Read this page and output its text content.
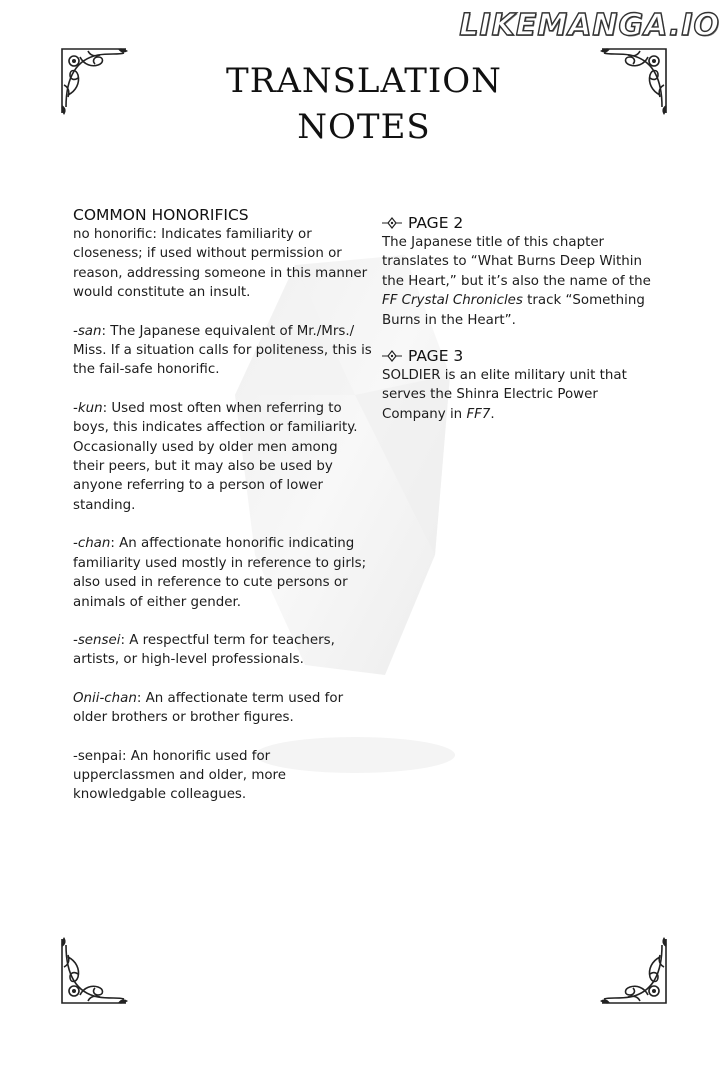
LIKEMANGA.IO
TRANSLATION
NOTES
COMMON HONORIFICS

no honorific: Indicates familiarity or closeness; if used without permission or reason, addressing someone in this manner would constitute an insult.

-san: The Japanese equivalent of Mr./Mrs./ Miss. If a situation calls for politeness, this is the fail-safe honorific.

-kun: Used most often when referring to boys, this indicates affection or familiarity. Occasionally used by older men among their peers, but it may also be used by anyone referring to a person of lower standing.

-chan: An affectionate honorific indicating familiarity used mostly in reference to girls; also used in reference to cute persons or animals of either gender.

-sensei: A respectful term for teachers, artists, or high-level professionals.

Onii-chan: An affectionate term used for older brothers or brother figures.

-senpai: An honorific used for upperclassmen and older, more knowledgable colleagues.

PAGE 2
The Japanese title of this chapter translates to “What Burns Deep Within the Heart,” but it’s also the name of the FF Crystal Chronicles track “Something Burns in the Heart”.
PAGE 3
SOLDIER is an elite military unit that serves the Shinra Electric Power Company in FF7.
